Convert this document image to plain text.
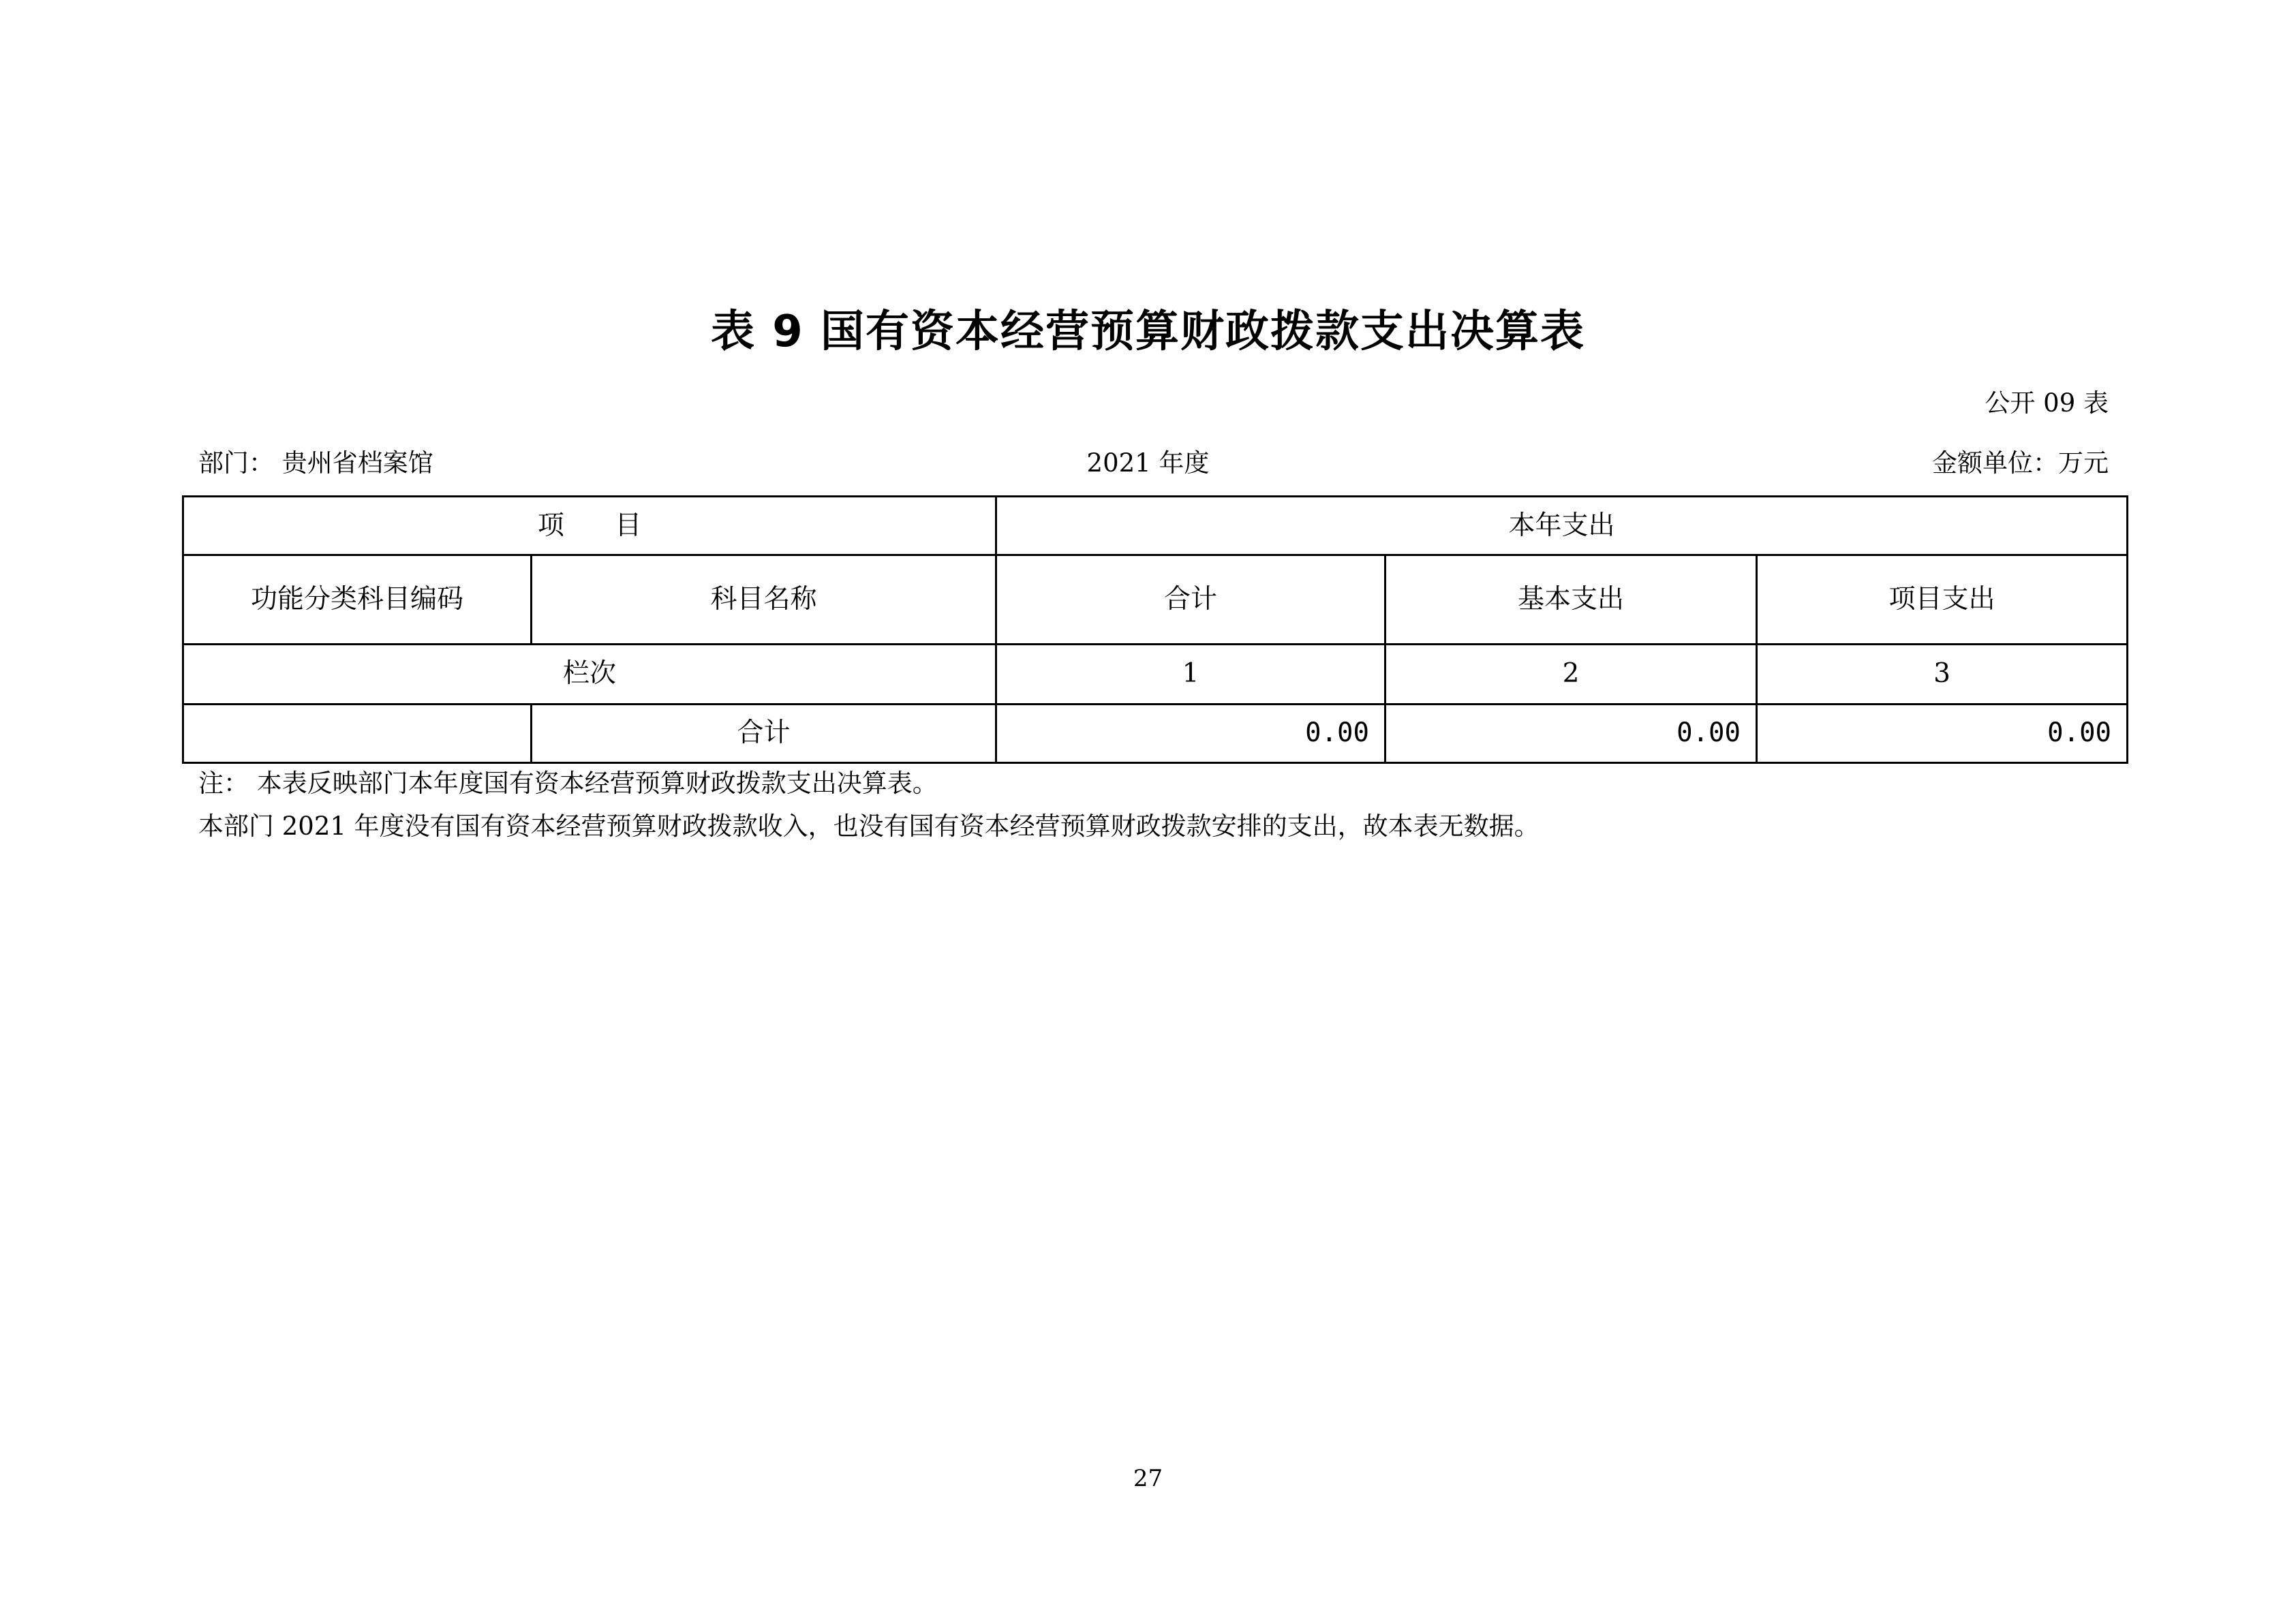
表 9 国有资本经营预算财政拨款支出决算表
公开 09 表
部门： 贵州省档案馆	2021 年度	金额单位：万元
项      目		本年支出		
功能分类科目编码	科目名称	合计	基本支出	项目支出
栏次		1	2	3
	合计	0.00	0.00	0.00
注： 本表反映部门本年度国有资本经营预算财政拨款支出决算表。
本部门 2021 年度没有国有资本经营预算财政拨款收入，也没有国有资本经营预算财政拨款安排的支出，故本表无数据。
27
